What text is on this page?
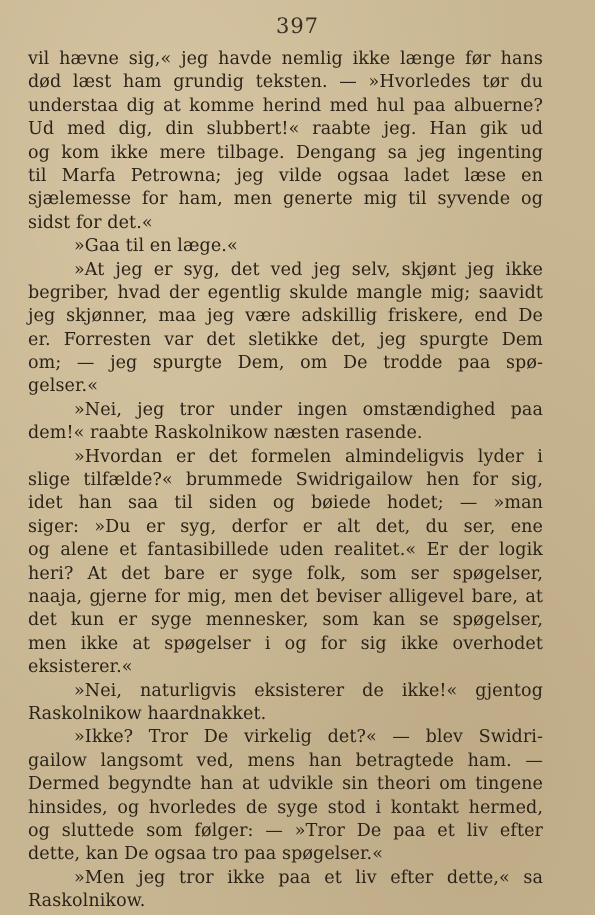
397
vil hævne sig,« jeg havde nemlig ikke længe før hans
død læst ham grundig teksten. — »Hvorledes tør du
understaa dig at komme herind med hul paa albuerne?
Ud med dig, din slubbert!« raabte jeg. Han gik ud
og kom ikke mere tilbage. Dengang sa jeg ingenting
til Marfa Petrowna; jeg vilde ogsaa ladet læse en
sjælemesse for ham, men generte mig til syvende og
sidst for det.«
»Gaa til en læge.«
»At jeg er syg, det ved jeg selv, skjønt jeg ikke
begriber, hvad der egentlig skulde mangle mig; saavidt
jeg skjønner, maa jeg være adskillig friskere, end De
er. Forresten var det sletikke det, jeg spurgte Dem
om; — jeg spurgte Dem, om De trodde paa spø-
gelser.«
»Nei, jeg tror under ingen omstændighed paa
dem!« raabte Raskolnikow næsten rasende.
»Hvordan er det formelen almindeligvis lyder i
slige tilfælde?« brummede Swidrigailow hen for sig,
idet han saa til siden og bøiede hodet; — »man
siger: »Du er syg, derfor er alt det, du ser, ene
og alene et fantasibillede uden realitet.« Er der logik
heri? At det bare er syge folk, som ser spøgelser,
naaja, gjerne for mig, men det beviser alligevel bare, at
det kun er syge mennesker, som kan se spøgelser,
men ikke at spøgelser i og for sig ikke overhodet
eksisterer.«
»Nei, naturligvis eksisterer de ikke!« gjentog
Raskolnikow haardnakket.
»Ikke? Tror De virkelig det?« — blev Swidri-
gailow langsomt ved, mens han betragtede ham. —
Dermed begyndte han at udvikle sin theori om tingene
hinsides, og hvorledes de syge stod i kontakt hermed,
og sluttede som følger: — »Tror De paa et liv efter
dette, kan De ogsaa tro paa spøgelser.«
»Men jeg tror ikke paa et liv efter dette,« sa
Raskolnikow.
